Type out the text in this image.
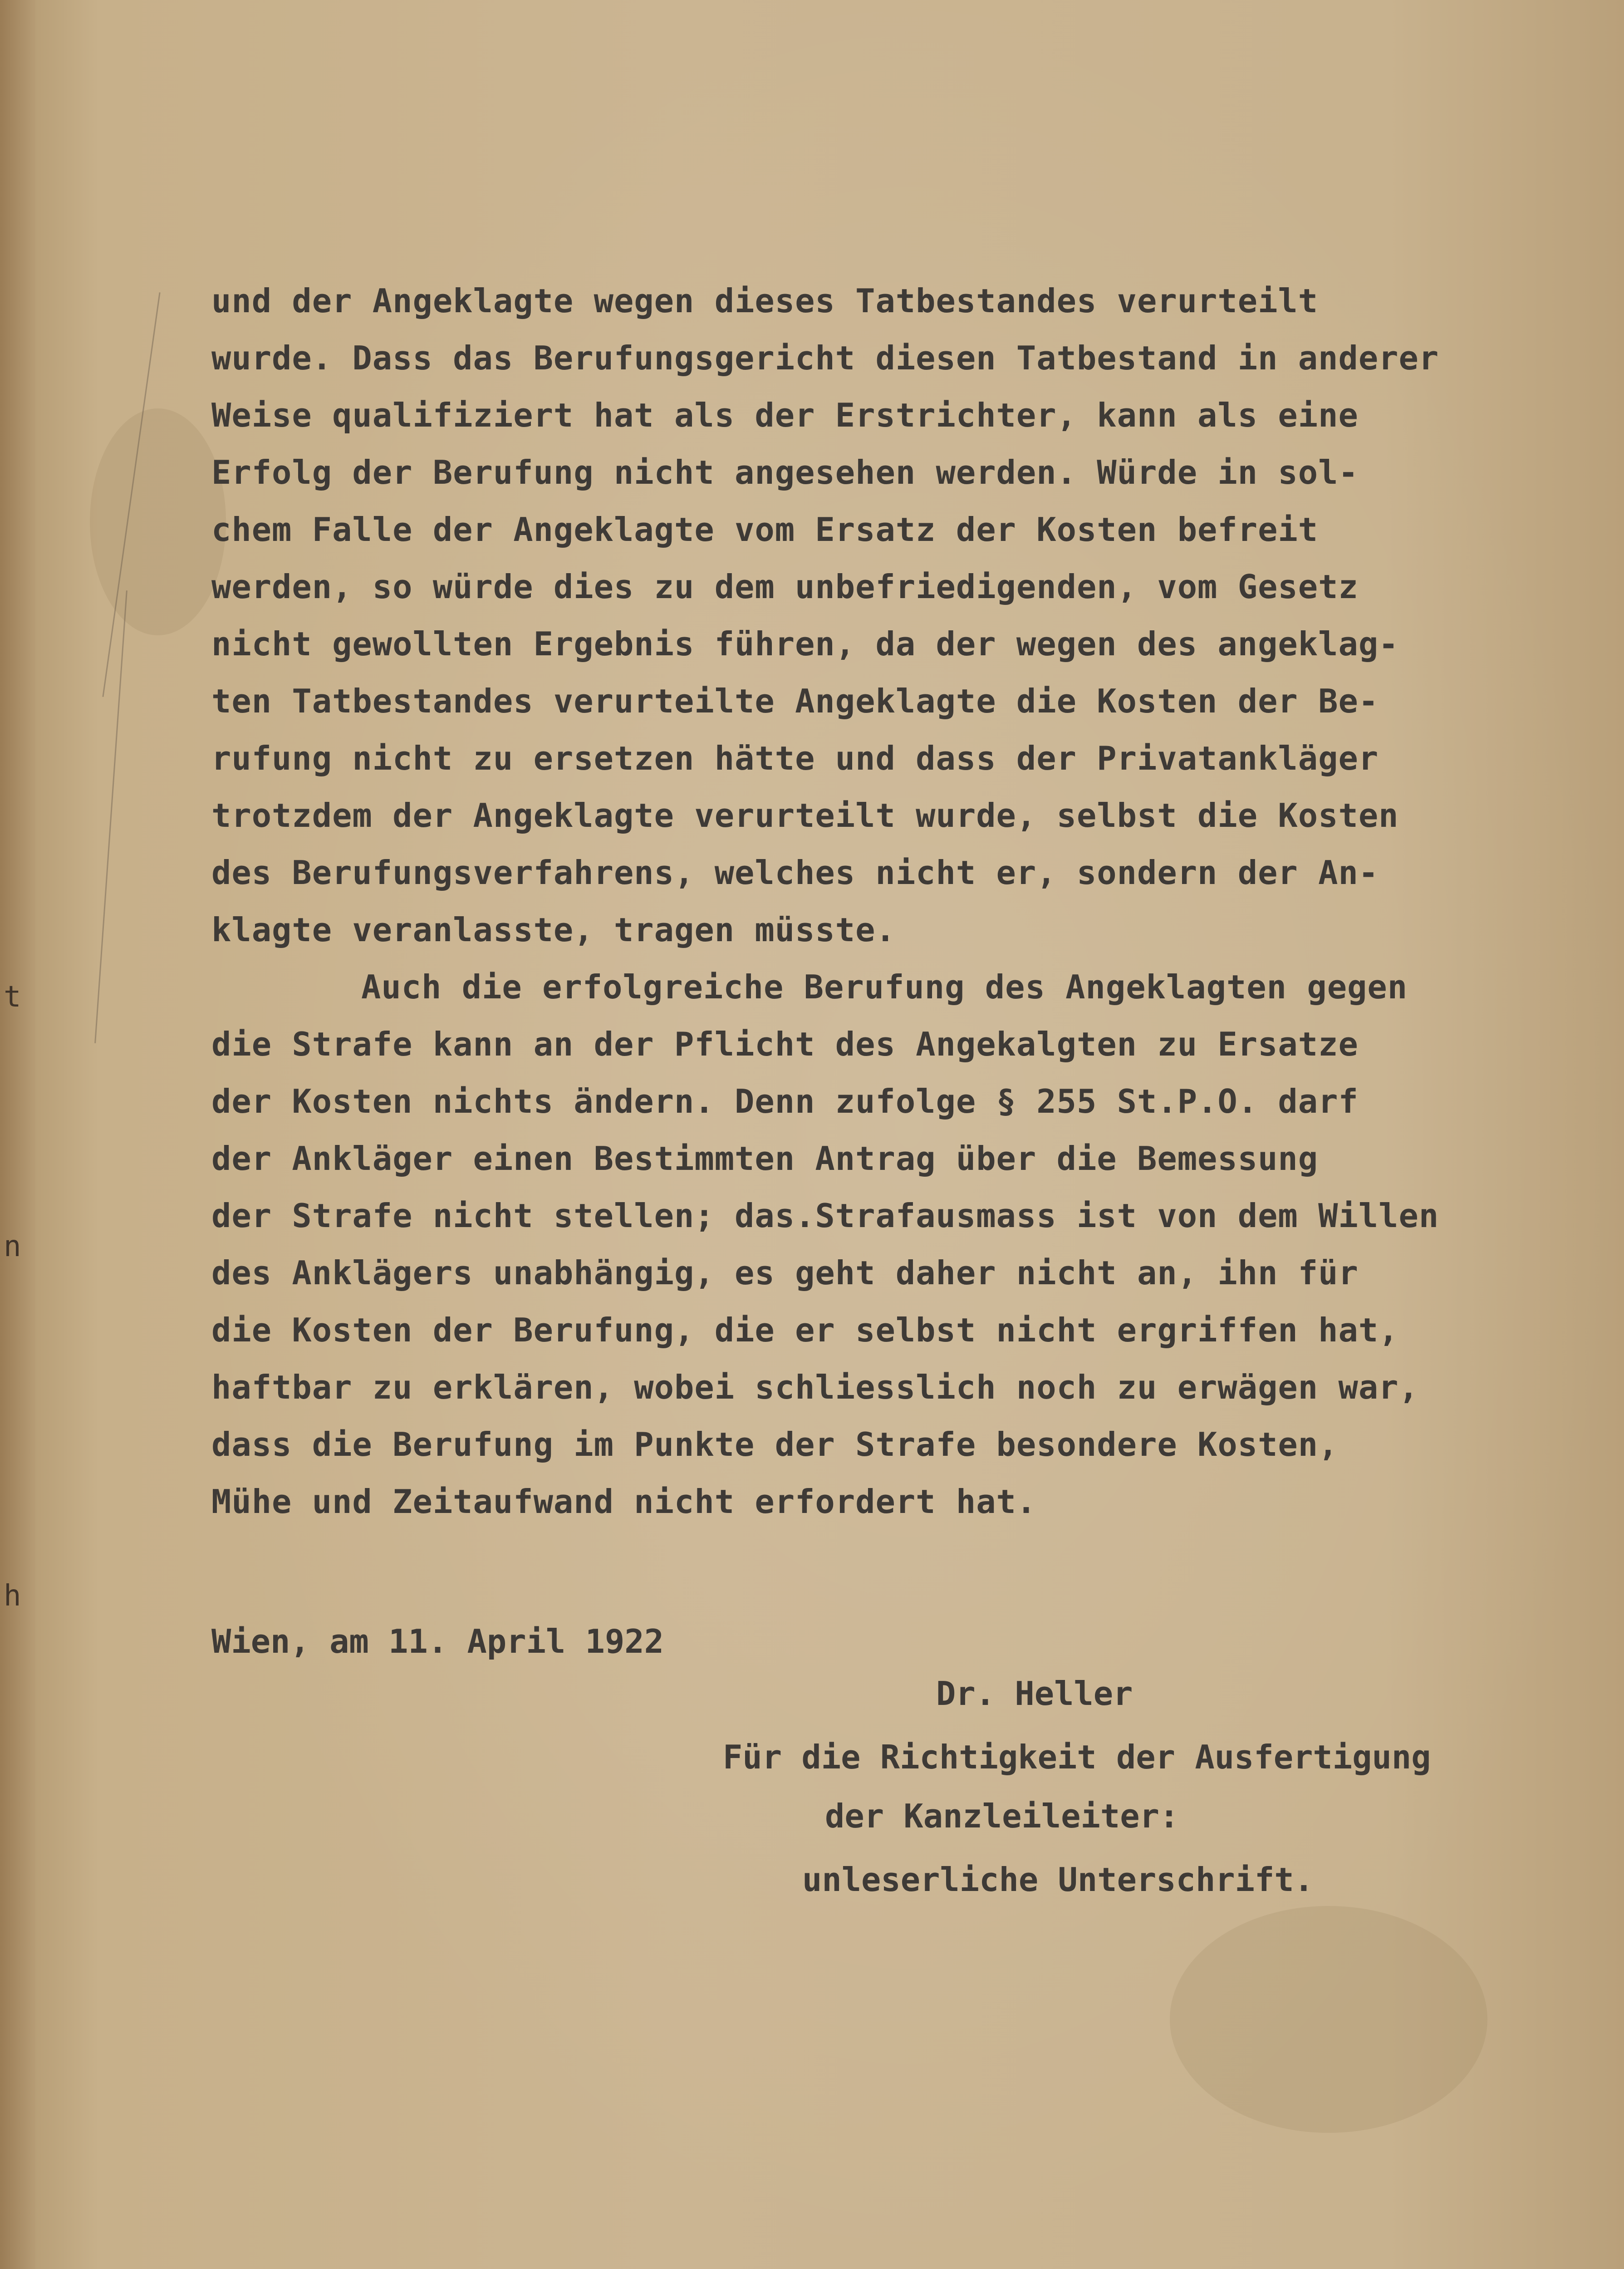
t
n
h
und der Angeklagte wegen dieses Tatbestandes verurteilt
wurde. Dass das Berufungsgericht diesen Tatbestand in anderer
Weise qualifiziert hat als der Erstrichter, kann als eine
Erfolg der Berufung nicht angesehen werden. Würde in sol-
chem Falle der Angeklagte vom Ersatz der Kosten befreit
werden, so würde dies zu dem unbefriedigenden, vom Gesetz
nicht gewollten Ergebnis führen, da der wegen des angeklag-
ten Tatbestandes verurteilte Angeklagte die Kosten der Be-
rufung nicht zu ersetzen hätte und dass der Privatankläger
trotzdem der Angeklagte verurteilt wurde, selbst die Kosten
des Berufungsverfahrens, welches nicht er, sondern der An-
klagte veranlasste, tragen müsste.
Auch die erfolgreiche Berufung des Angeklagten gegen
die Strafe kann an der Pflicht des Angekalgten zu Ersatze
der Kosten nichts ändern. Denn zufolge § 255 St.P.O. darf
der Ankläger einen Bestimmten Antrag über die Bemessung
der Strafe nicht stellen; das.Strafausmass ist von dem Willen
des Anklägers unabhängig, es geht daher nicht an, ihn für
die Kosten der Berufung, die er selbst nicht ergriffen hat,
haftbar zu erklären, wobei schliesslich noch zu erwägen war,
dass die Berufung im Punkte der Strafe besondere Kosten,
Mühe und Zeitaufwand nicht erfordert hat.
Wien, am 11. April 1922
Dr. Heller
Für die Richtigkeit der Ausfertigung
der Kanzleileiter:
unleserliche Unterschrift.
